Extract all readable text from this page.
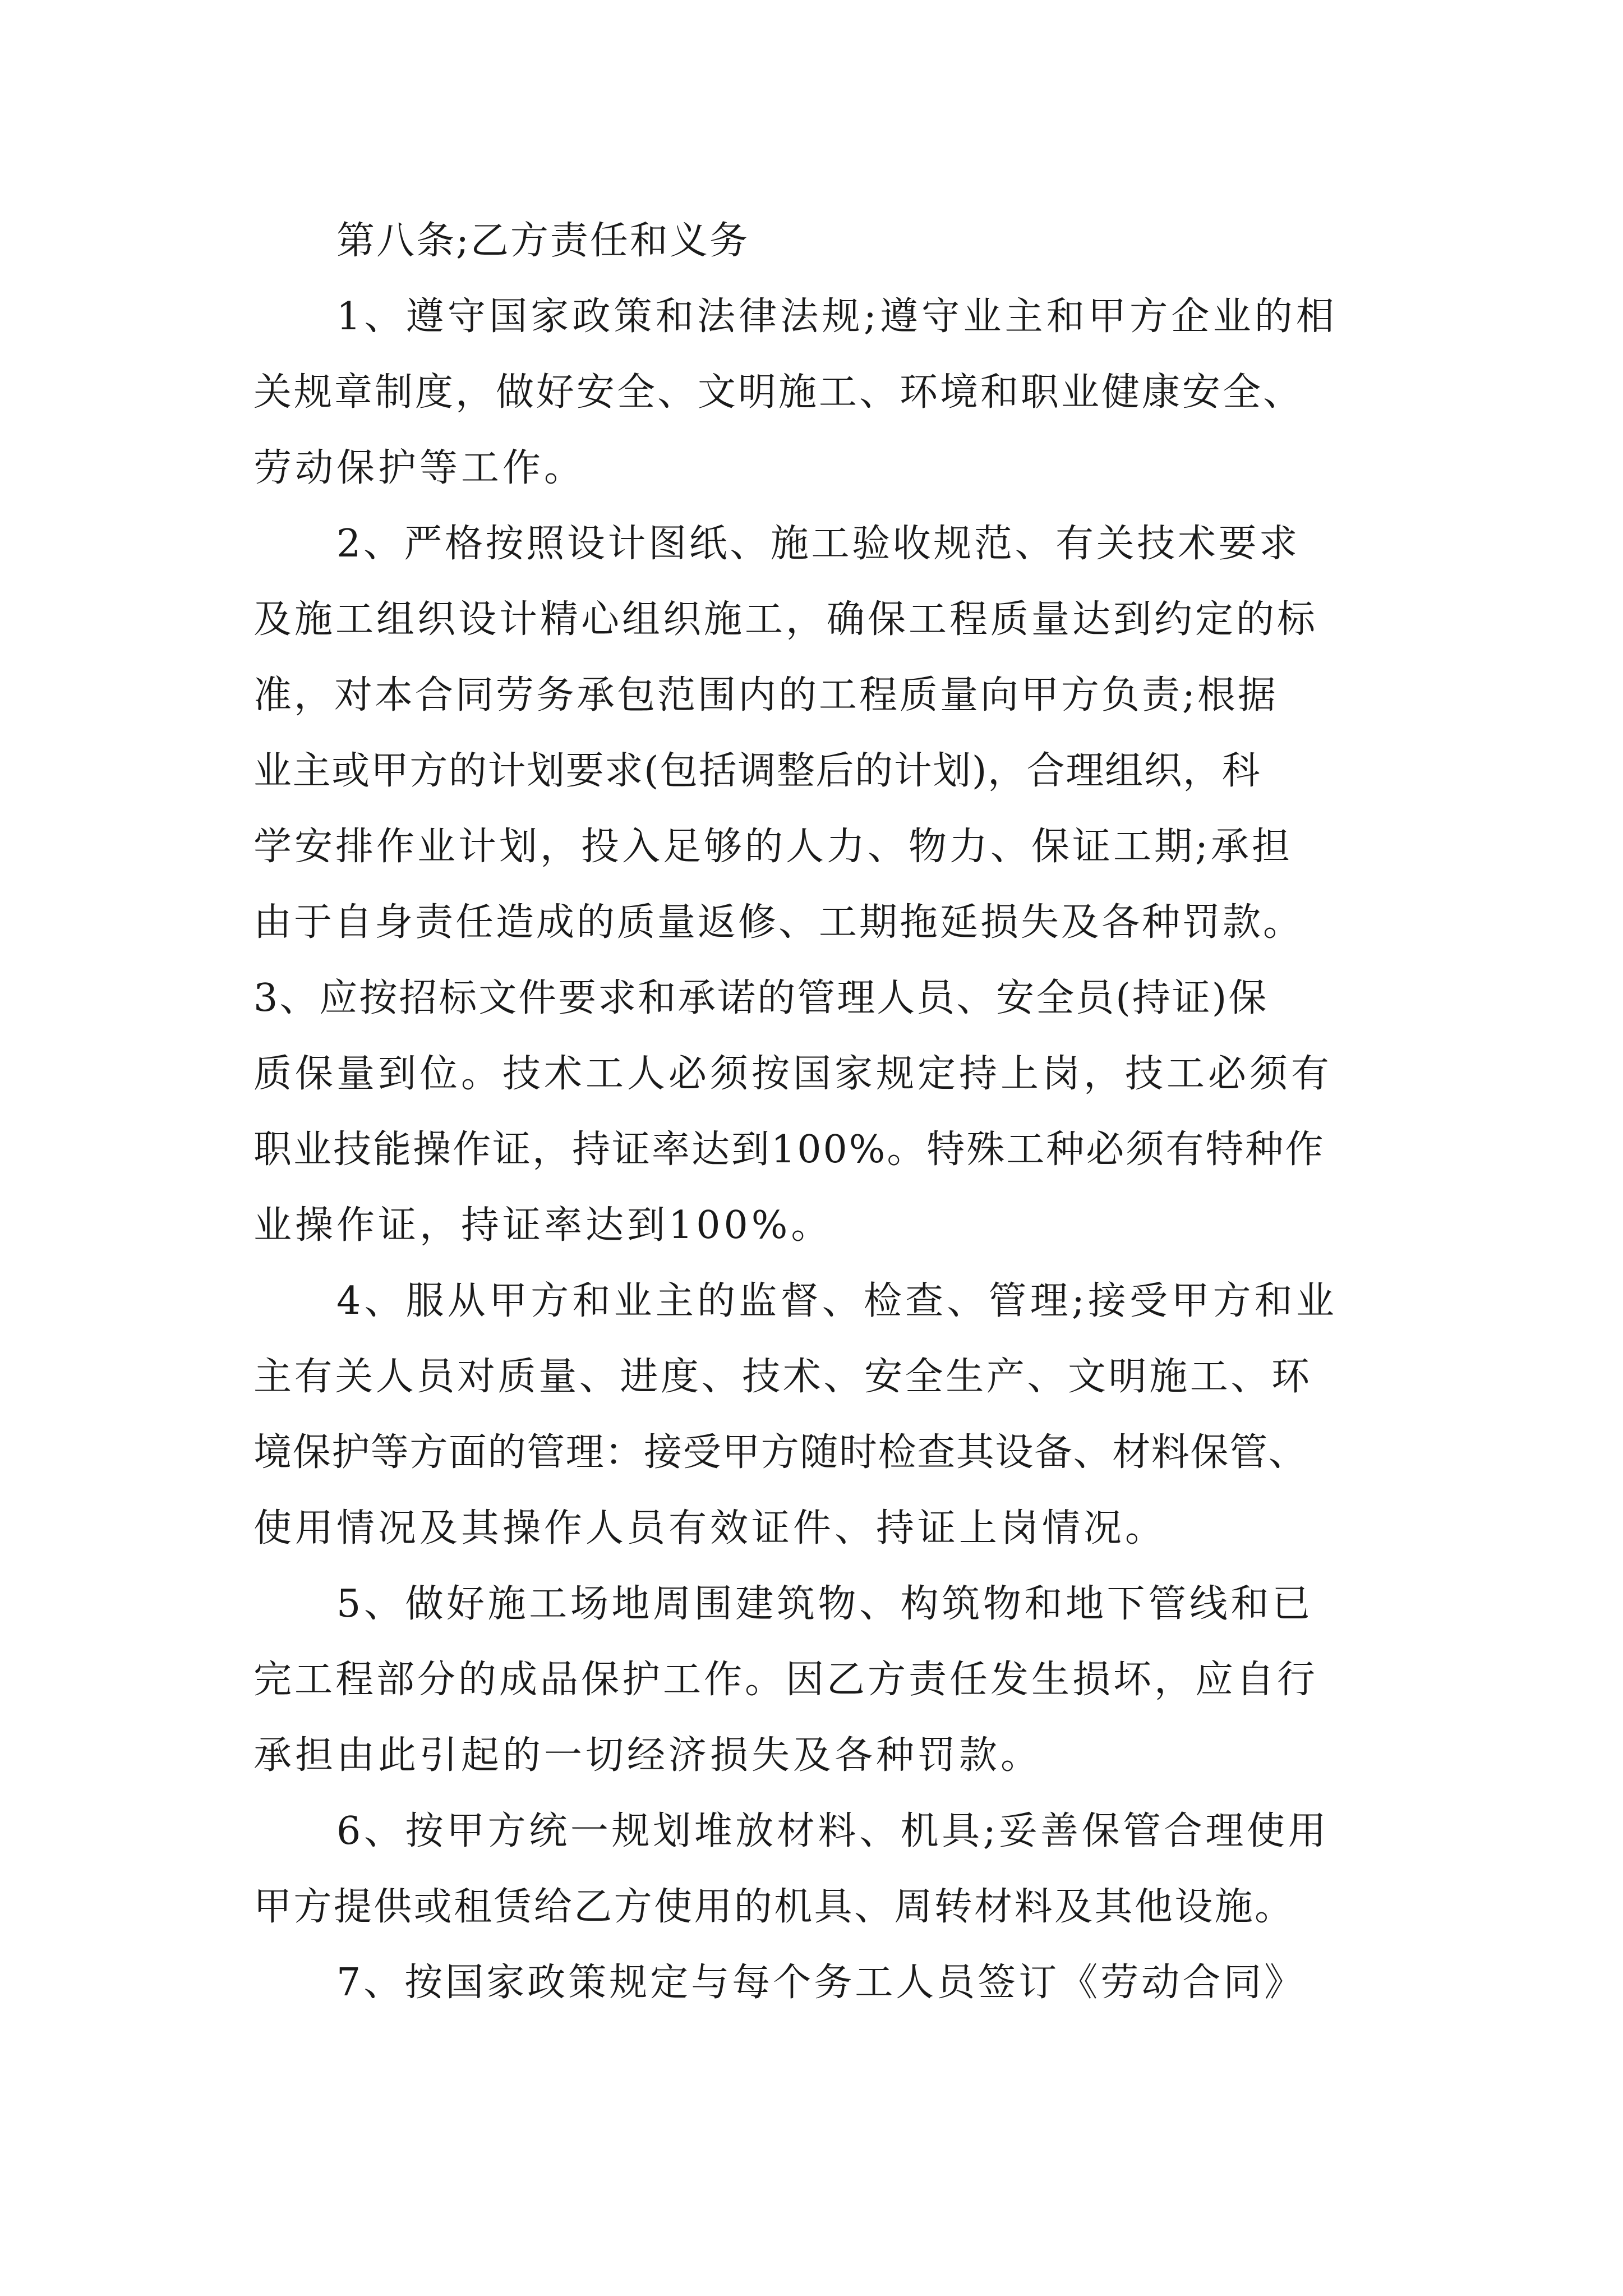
第八条;乙方责任和义务
1、遵守国家政策和法律法规;遵守业主和甲方企业的相
关规章制度，做好安全、文明施工、环境和职业健康安全、
劳动保护等工作。
2、严格按照设计图纸、施工验收规范、有关技术要求
及施工组织设计精心组织施工，确保工程质量达到约定的标
准，对本合同劳务承包范围内的工程质量向甲方负责;根据
业主或甲方的计划要求(包括调整后的计划)，合理组织，科
学安排作业计划，投入足够的人力、物力、保证工期;承担
由于自身责任造成的质量返修、工期拖延损失及各种罚款。
3、应按招标文件要求和承诺的管理人员、安全员(持证)保
质保量到位。技术工人必须按国家规定持上岗，技工必须有
职业技能操作证，持证率达到100%。特殊工种必须有特种作
业操作证，持证率达到100%。
4、服从甲方和业主的监督、检查、管理;接受甲方和业
主有关人员对质量、进度、技术、安全生产、文明施工、环
境保护等方面的管理：接受甲方随时检查其设备、材料保管、
使用情况及其操作人员有效证件、持证上岗情况。
5、做好施工场地周围建筑物、构筑物和地下管线和已
完工程部分的成品保护工作。因乙方责任发生损坏，应自行
承担由此引起的一切经济损失及各种罚款。
6、按甲方统一规划堆放材料、机具;妥善保管合理使用
甲方提供或租赁给乙方使用的机具、周转材料及其他设施。
7、按国家政策规定与每个务工人员签订《劳动合同》
